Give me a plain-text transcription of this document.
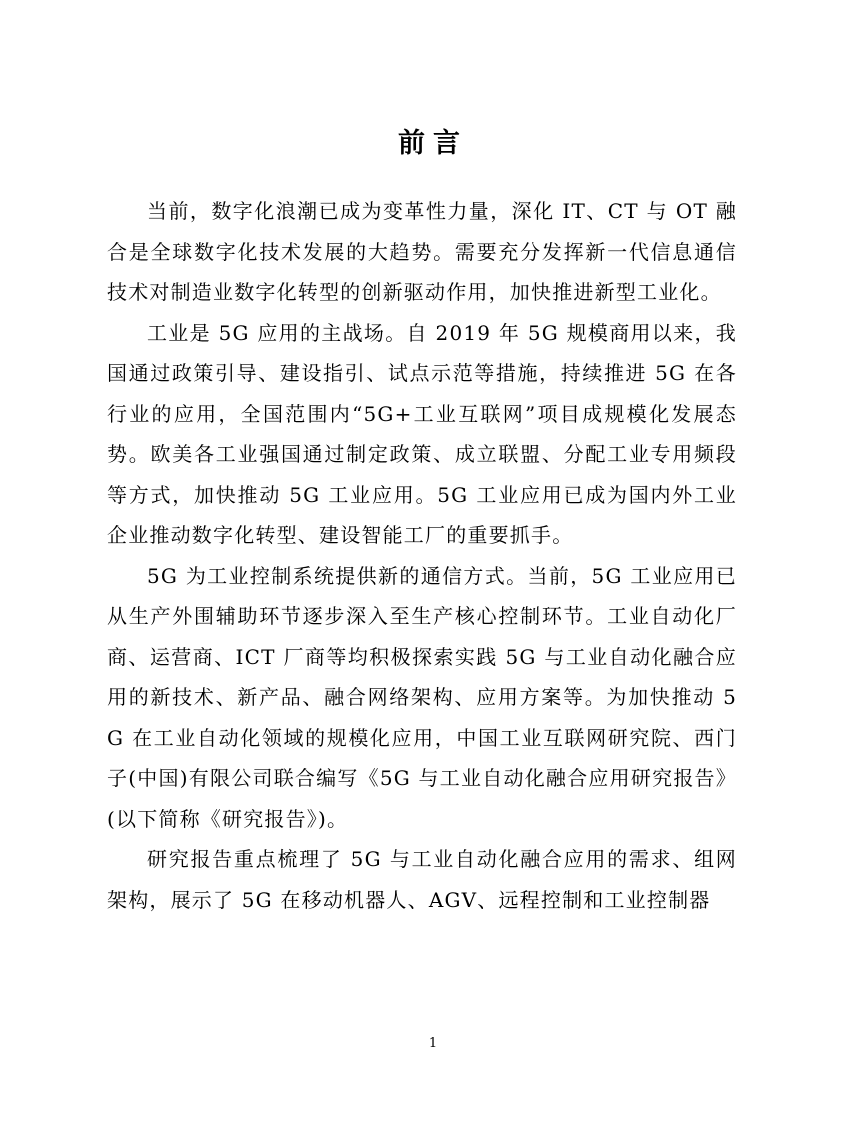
前言

当前，数字化浪潮已成为变革性力量，深化 IT、CT 与 OT 融合是全球数字化技术发展的大趋势。需要充分发挥新一代信息通信技术对制造业数字化转型的创新驱动作用，加快推进新型工业化。

工业是 5G 应用的主战场。自 2019 年 5G 规模商用以来，我国通过政策引导、建设指引、试点示范等措施，持续推进 5G 在各行业的应用，全国范围内“5G+工业互联网”项目成规模化发展态势。欧美各工业强国通过制定政策、成立联盟、分配工业专用频段等方式，加快推动 5G 工业应用。5G 工业应用已成为国内外工业企业推动数字化转型、建设智能工厂的重要抓手。

5G 为工业控制系统提供新的通信方式。当前，5G 工业应用已从生产外围辅助环节逐步深入至生产核心控制环节。工业自动化厂商、运营商、ICT 厂商等均积极探索实践 5G 与工业自动化融合应用的新技术、新产品、融合网络架构、应用方案等。为加快推动 5G 在工业自动化领域的规模化应用，中国工业互联网研究院、西门子(中国)有限公司联合编写《5G 与工业自动化融合应用研究报告》(以下简称《研究报告》)。

研究报告重点梳理了 5G 与工业自动化融合应用的需求、组网架构，展示了 5G 在移动机器人、AGV、远程控制和工业控制器

1
